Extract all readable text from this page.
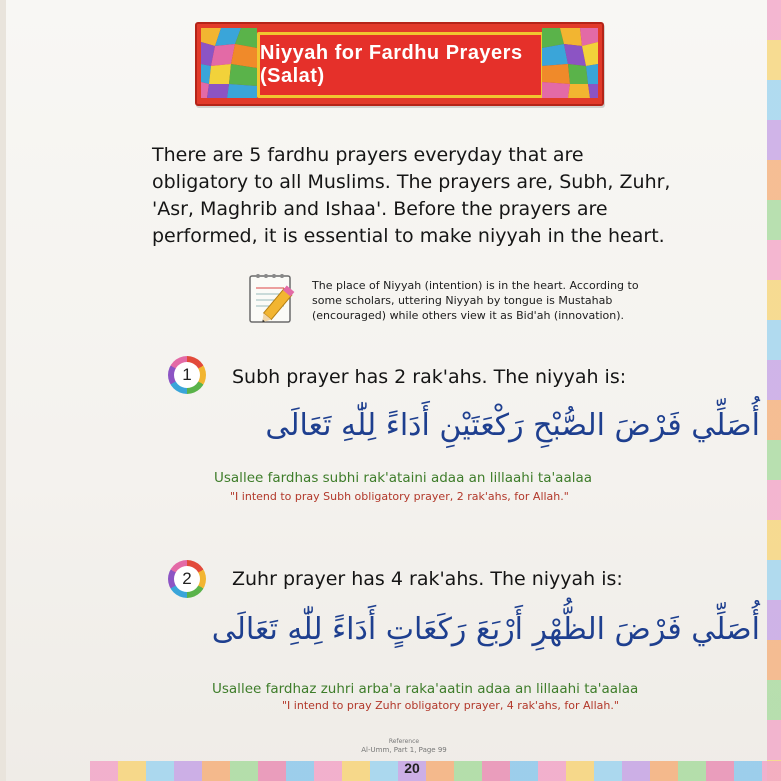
Niyyah for Fardhu Prayers (Salat)
There are 5 fardhu prayers everyday that are obligatory to all Muslims. The prayers are, Subh, Zuhr, 'Asr, Maghrib and Ishaa'. Before the prayers are performed, it is essential to make niyyah in the heart.
The place of Niyyah (intention) is in the heart. According to some scholars, uttering Niyyah by tongue is Mustahab (encouraged) while others view it as Bid'ah (innovation).
1	Subh prayer has 2 rak'ahs. The niyyah is:
أُصَلِّي فَرْضَ الصُّبْحِ رَكْعَتَيْنِ أَدَاءً لِلّٰهِ تَعَالَى
Usallee fardhas subhi rak'ataini adaa an lillaahi ta'aalaa
"I intend to pray Subh obligatory prayer, 2 rak'ahs, for Allah."
2	Zuhr prayer has 4 rak'ahs. The niyyah is:
أُصَلِّي فَرْضَ الظُّهْرِ أَرْبَعَ رَكَعَاتٍ أَدَاءً لِلّٰهِ تَعَالَى
Usallee fardhaz zuhri arba'a raka'aatin adaa an lillaahi ta'aalaa
"I intend to pray Zuhr obligatory prayer, 4 rak'ahs, for Allah."
Reference
Al-Umm, Part 1, Page 99
20
